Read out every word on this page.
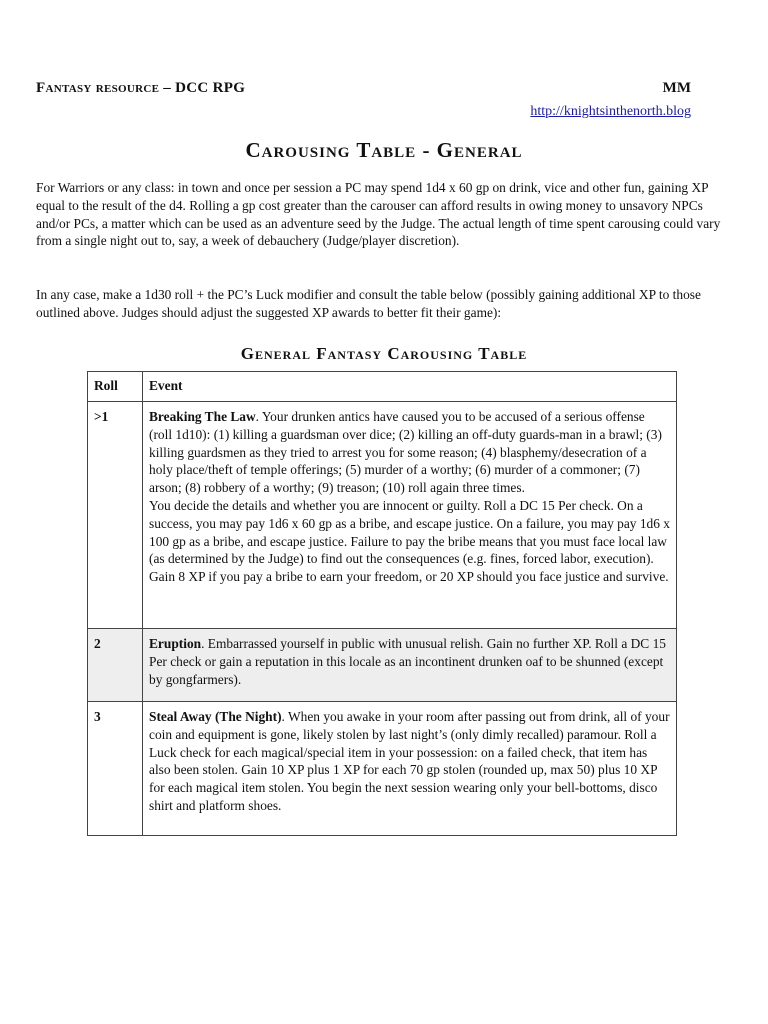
Fantasy resource – DCC RPG	MM
http://knightsinthenorth.blog
Carousing Table - General
For Warriors or any class: in town and once per session a PC may spend 1d4 x 60 gp on drink, vice and other fun, gaining XP equal to the result of the d4. Rolling a gp cost greater than the carouser can afford results in owing money to unsavory NPCs and/or PCs, a matter which can be used as an adventure seed by the Judge. The actual length of time spent carousing could vary from a single night out to, say, a week of debauchery (Judge/player discretion).
In any case, make a 1d30 roll + the PC’s Luck modifier and consult the table below (possibly gaining additional XP to those outlined above. Judges should adjust the suggested XP awards to better fit their game):
General Fantasy Carousing Table
Roll	Event
>1	Breaking The Law. Your drunken antics have caused you to be accused of a serious offense (roll 1d10): (1) killing a guardsman over dice; (2) killing an off-duty guards-man in a brawl; (3) killing guardsmen as they tried to arrest you for some reason; (4) blasphemy/desecration of a holy place/theft of temple offerings; (5) murder of a worthy; (6) murder of a commoner; (7) arson; (8) robbery of a worthy; (9) treason; (10) roll again three times.
You decide the details and whether you are innocent or guilty. Roll a DC 15 Per check. On a success, you may pay 1d6 x 60 gp as a bribe, and escape justice. On a failure, you may pay 1d6 x 100 gp as a bribe, and escape justice. Failure to pay the bribe means that you must face local law (as determined by the Judge) to find out the consequences (e.g. fines, forced labor, execution). Gain 8 XP if you pay a bribe to earn your freedom, or 20 XP should you face justice and survive.
2	Eruption. Embarrassed yourself in public with unusual relish. Gain no further XP. Roll a DC 15 Per check or gain a reputation in this locale as an incontinent drunken oaf to be shunned (except by gongfarmers).
3	Steal Away (The Night). When you awake in your room after passing out from drink, all of your coin and equipment is gone, likely stolen by last night’s (only dimly recalled) paramour. Roll a Luck check for each magical/special item in your possession: on a failed check, that item has also been stolen. Gain 10 XP plus 1 XP for each 70 gp stolen (rounded up, max 50) plus 10 XP for each magical item stolen. You begin the next session wearing only your bell-bottoms, disco shirt and platform shoes.
